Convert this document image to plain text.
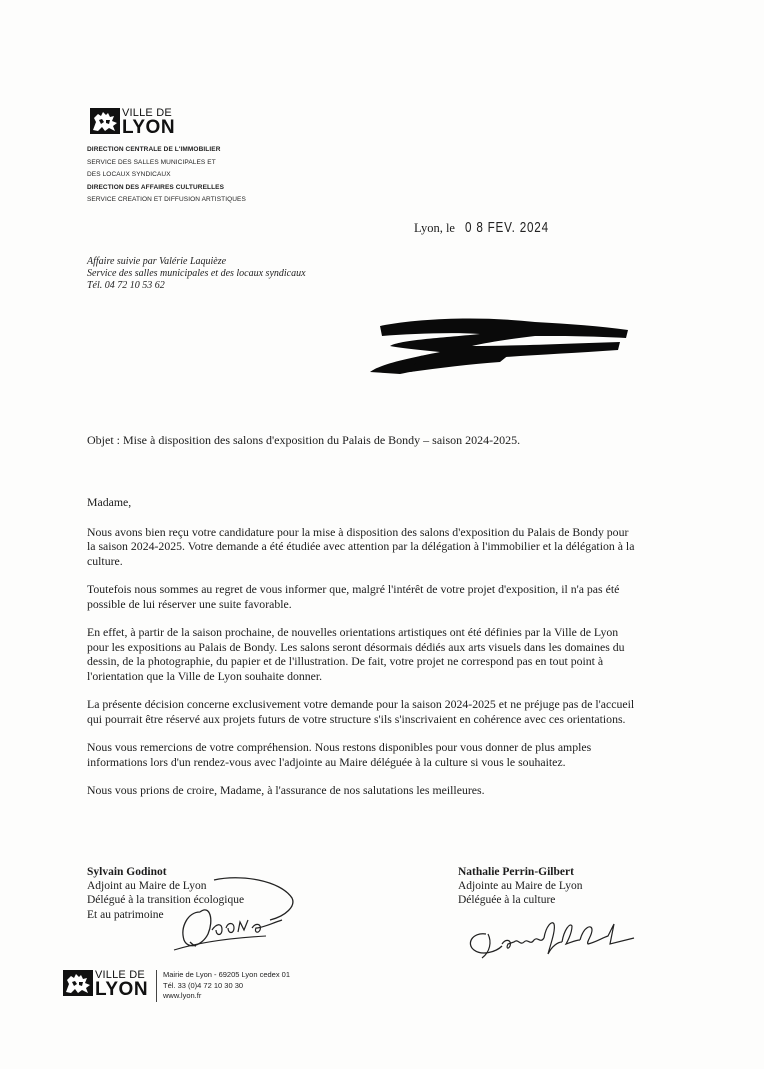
VILLE DE
LYON
DIRECTION CENTRALE DE L'IMMOBILIER
SERVICE DES SALLES MUNICIPALES ET
DES LOCAUX SYNDICAUX
DIRECTION DES AFFAIRES CULTURELLES
SERVICE CREATION ET DIFFUSION ARTISTIQUES
Lyon, le 0 8 FEV. 2024
Affaire suivie par Valérie Laquièze
Service des salles municipales et des locaux syndicaux
Tél. 04 72 10 53 62
Objet : Mise à disposition des salons d'exposition du Palais de Bondy – saison 2024-2025.

Madame,

Nous avons bien reçu votre candidature pour la mise à disposition des salons d'exposition du Palais de Bondy pour la saison 2024-2025. Votre demande a été étudiée avec attention par la délégation à l'immobilier et la délégation à la culture.

Toutefois nous sommes au regret de vous informer que, malgré l'intérêt de votre projet d'exposition, il n'a pas été possible de lui réserver une suite favorable.

En effet, à partir de la saison prochaine, de nouvelles orientations artistiques ont été définies par la Ville de Lyon pour les expositions au Palais de Bondy. Les salons seront désormais dédiés aux arts visuels dans les domaines du dessin, de la photographie, du papier et de l'illustration. De fait, votre projet ne correspond pas en tout point à l'orientation que la Ville de Lyon souhaite donner.

La présente décision concerne exclusivement votre demande pour la saison 2024-2025 et ne préjuge pas de l'accueil qui pourrait être réservé aux projets futurs de votre structure s'ils s'inscrivaient en cohérence avec ces orientations.

Nous vous remercions de votre compréhension. Nous restons disponibles pour vous donner de plus amples informations lors d'un rendez-vous avec l'adjointe au Maire déléguée à la culture si vous le souhaitez.

Nous vous prions de croire, Madame, à l'assurance de nos salutations les meilleures.

Sylvain Godinot
Adjoint au Maire de Lyon
Délégué à la transition écologique
Et au patrimoine
Nathalie Perrin-Gilbert
Adjointe au Maire de Lyon
Déléguée à la culture
VILLE DE
LYON
Mairie de Lyon - 69205 Lyon cedex 01
Tél. 33 (0)4 72 10 30 30
www.lyon.fr
